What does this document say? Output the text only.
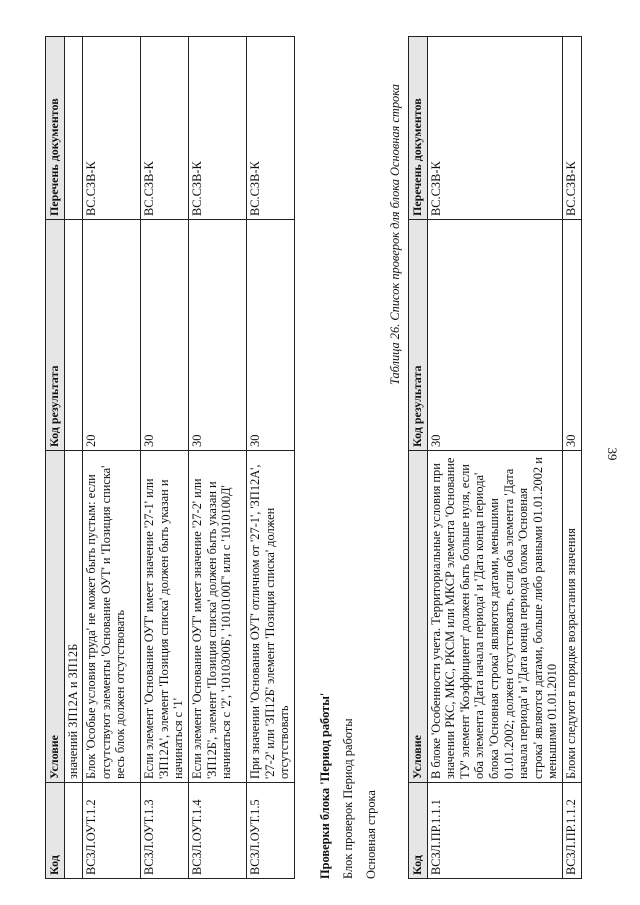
39
Код	Условие	Код результата	Перечень документов
	значений ЗП12А и ЗП12Б		
ВСЗЛ.ОУТ.1.2	Блок 'Особые условия труда' не может быть пустым: если отсутствуют элементы 'Основание ОУТ' и 'Позиция списка' весь блок должен отсутствовать	20	ВС.СЗВ-К
ВСЗЛ.ОУТ.1.3	Если элемент 'Основание ОУТ' имеет значение '27-1' или 'ЗП12А', элемент 'Позиция списка' должен быть указан и начинаться с '1'	30	ВС.СЗВ-К
ВСЗЛ.ОУТ.1.4	Если элемент 'Основание ОУТ' имеет значение '27-2' или 'ЗП12Б', элемент 'Позиция списка' должен быть указан и начинаться с '2', '1010300Б', '1010100Г' или с '1010100Д'	30	ВС.СЗВ-К
ВСЗЛ.ОУТ.1.5	При значении 'Основания ОУТ' отличном от '27-1', 'ЗП12А', '27-2' или 'ЗП12Б' элемент 'Позиция списка' должен отсутствовать	30	ВС.СЗВ-К
Проверки блока 'Период работы' Блок проверок Период работы Основная строка
Таблица 26. Список проверок для блока Основная строка
Код	Условие	Код результата	Перечень документов
ВСЗЛ.ПР.1.1.1	В блоке 'Особенности учета. Территориальные условия при значении РКС, МКС, РКСМ или МКСР элемента 'Основание ТУ' элемент 'Коэффициент' должен быть больше нуля, если оба элемента 'Дата начала периода' и 'Дата конца периода' блока 'Основная строка' являются датами, меньшими 01.01.2002; должен отсутствовать, если оба элемента 'Дата начала периода' и 'Дата конца периода блока 'Основная строка' являются датами, больше либо равными 01.01.2002 и меньшими 01.01.2010	30	ВС.СЗВ-К
ВСЗЛ.ПР.1.1.2	Блоки следуют в порядке возрастания значения	30	ВС.СЗВ-К
